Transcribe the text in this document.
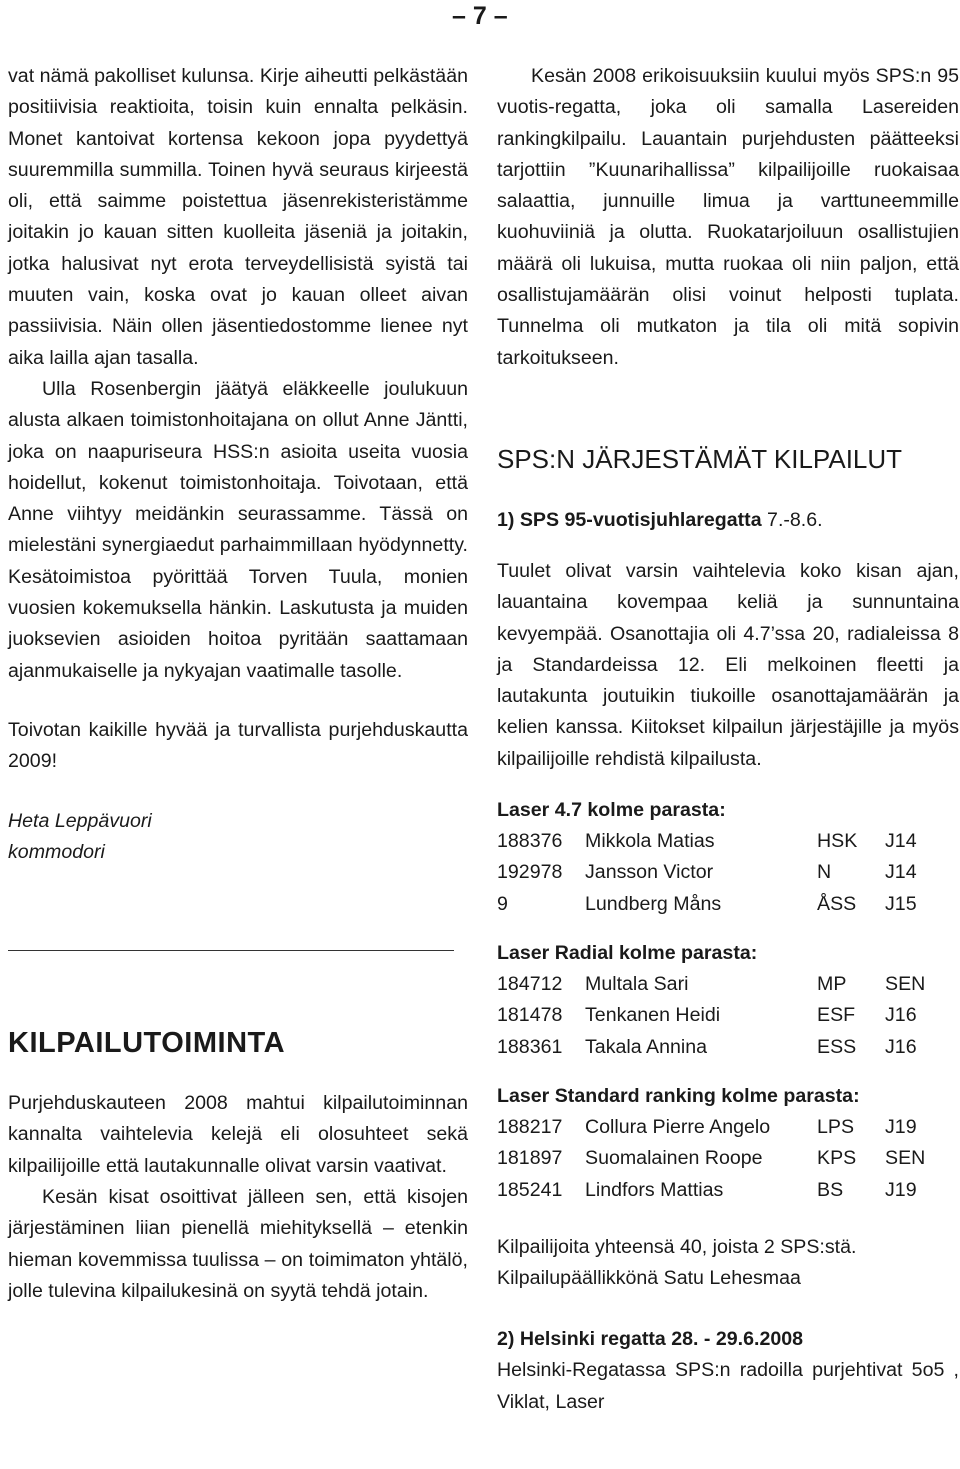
– 7 –

vat nämä pakolliset kulunsa. Kirje aiheutti pelkästään positiivisia reaktioita, toisin kuin ennalta pelkäsin. Monet kantoivat kortensa kekoon jopa pyydettyä suuremmilla summilla. Toinen hyvä seuraus kirjeestä oli, että saimme poistettua jäsenrekisteristämme joitakin jo kauan sitten kuolleita jäseniä ja joitakin, jotka halusivat nyt erota terveydellisistä syistä tai muuten vain, koska ovat jo kauan olleet aivan passiivisia. Näin ollen jäsentiedostomme lienee nyt aika lailla ajan tasalla.

Ulla Rosenbergin jäätyä eläkkeelle joulukuun alusta alkaen toimistonhoitajana on ollut Anne Jäntti, joka on naapuriseura HSS:n asioita useita vuosia hoidellut, kokenut toimistonhoitaja. Toivotaan, että Anne viihtyy meidänkin seurassamme. Tässä on mielestäni synergiaedut parhaimmillaan hyödynnetty. Kesätoimistoa pyörittää Torven Tuula, monien vuosien kokemuksella hänkin. Laskutusta ja muiden juoksevien asioiden hoitoa pyritään saattamaan ajanmukaiselle ja nykyajan vaatimalle tasolle.

Toivotan kaikille hyvää ja turvallista purjehduskautta 2009!

Heta Leppävuori

kommodori

KILPAILUTOIMINTA

Purjehduskauteen 2008 mahtui kilpailutoiminnan kannalta vaihtelevia kelejä eli olosuhteet sekä kilpailijoille että lautakunnalle olivat varsin vaativat.

Kesän kisat osoittivat jälleen sen, että kisojen järjestäminen liian pienellä miehityksellä – etenkin hieman kovemmissa tuulissa – on toimimaton yhtälö, jolle tulevina kilpailukesinä on syytä tehdä jotain.

Kesän 2008 erikoisuuksiin kuului myös SPS:n 95 vuotis-regatta, joka oli samalla Lasereiden rankingkilpailu. Lauantain purjehdusten päätteeksi tarjottiin ”Kuunarihallissa” kilpailijoille ruokaisaa salaattia, junnuille limua ja varttuneemmille kuohuviiniä ja olutta. Ruokatarjoiluun osallistujien määrä oli lukuisa, mutta ruokaa oli niin paljon, että osallistujamäärän olisi voinut helposti tuplata. Tunnelma oli mutkaton ja tila oli mitä sopivin tarkoitukseen.

SPS:N JÄRJESTÄMÄT KILPAILUT
1) SPS 95-vuotisjuhlaregatta 7.-8.6.

Tuulet olivat varsin vaihtelevia koko kisan ajan, lauantaina kovempaa keliä ja sunnuntaina kevyempää. Osanottajia oli 4.7’ssa 20, radialeissa 8 ja Standardeissa 12. Eli melkoinen fleetti ja lautakunta joutuikin tiukoille osanottajamäärän ja kelien kanssa. Kiitokset kilpailun järjestäjille ja myös kilpailijoille rehdistä kilpailusta.

Laser 4.7 kolme parasta:
188376	Mikkola Matias	HSK	J14
192978	Jansson Victor	N	J14
9	Lundberg Måns	ÅSS	J15
Laser Radial kolme parasta:
184712	Multala Sari	MP	SEN
181478	Tenkanen Heidi	ESF	J16
188361	Takala Annina	ESS	J16
Laser Standard ranking kolme parasta:
188217	Collura Pierre Angelo	LPS	J19
181897	Suomalainen Roope	KPS	SEN
185241	Lindfors Mattias	BS	J19

Kilpailijoita yhteensä 40, joista 2 SPS:stä.

Kilpailupäällikkönä Satu Lehesmaa

2) Helsinki regatta 28. - 29.6.2008

Helsinki-Regatassa SPS:n radoilla purjehtivat 5o5 , Viklat, Laser
